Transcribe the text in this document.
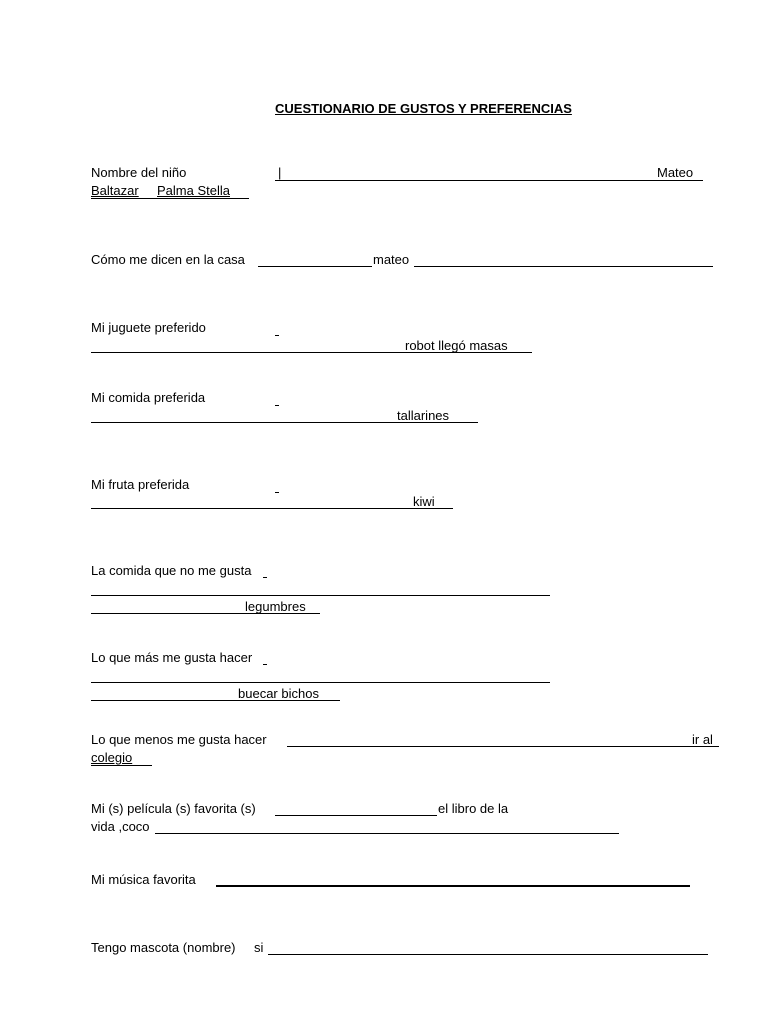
CUESTIONARIO DE GUSTOS Y PREFERENCIAS
Nombre del niño	|	Mateo
Baltazar Palma Stella
Cómo me dicen en la casa	mateo
Mi juguete preferido
robot llegó masas
Mi comida preferida
tallarines
Mi fruta preferida
kiwi
La comida que no me gusta
legumbres
Lo que más me gusta hacer
buecar bichos
Lo que menos me gusta hacer	ir al
colegio
Mi (s) película (s) favorita (s)	el libro de la
vida ,coco
Mi música favorita
Tengo mascota (nombre) si
